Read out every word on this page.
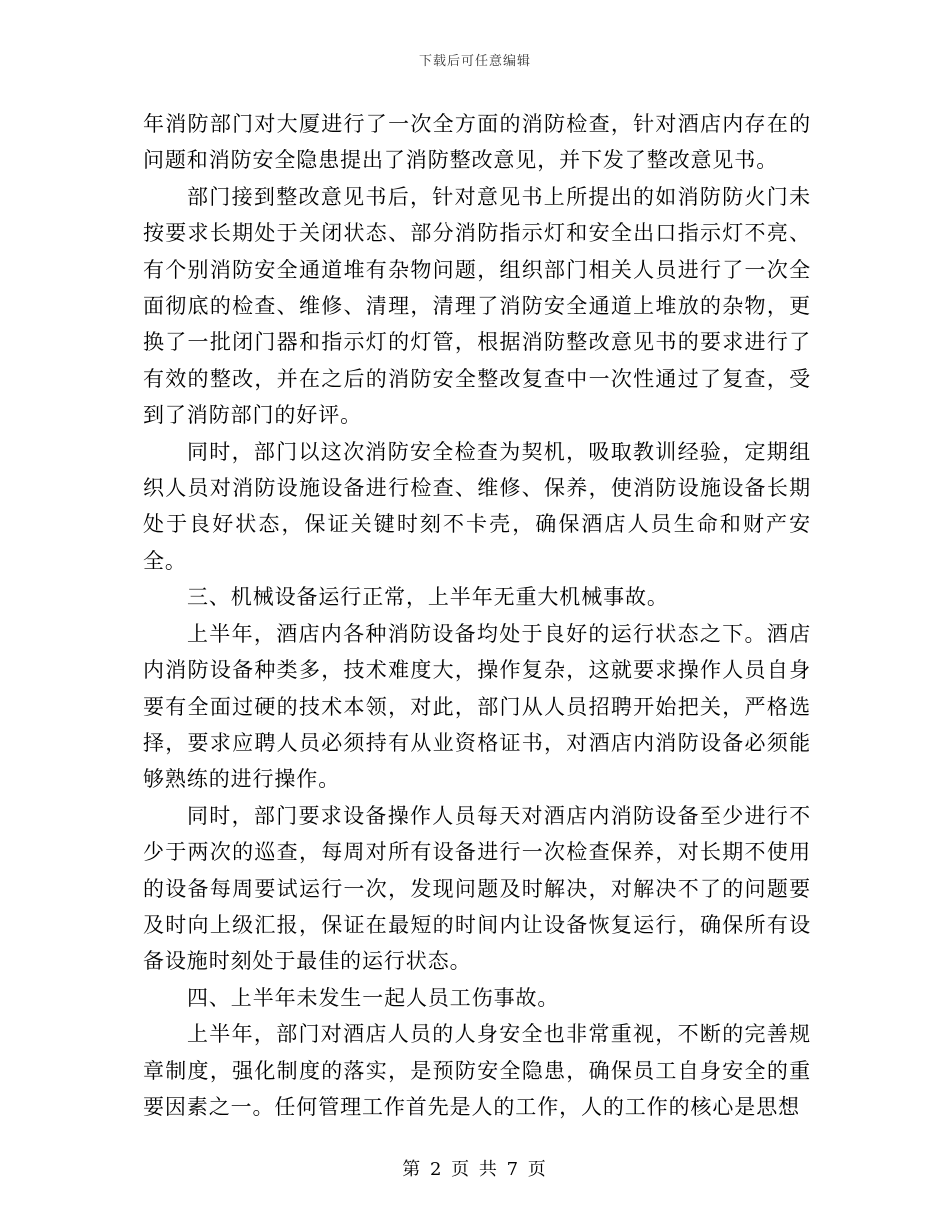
下载后可任意编辑

年消防部门对大厦进行了一次全方面的消防检查，针对酒店内存在的问题和消防安全隐患提出了消防整改意见，并下发了整改意见书。

部门接到整改意见书后，针对意见书上所提出的如消防防火门未按要求长期处于关闭状态、部分消防指示灯和安全出口指示灯不亮、有个别消防安全通道堆有杂物问题，组织部门相关人员进行了一次全面彻底的检查、维修、清理，清理了消防安全通道上堆放的杂物，更换了一批闭门器和指示灯的灯管，根据消防整改意见书的要求进行了有效的整改，并在之后的消防安全整改复查中一次性通过了复查，受到了消防部门的好评。

同时，部门以这次消防安全检查为契机，吸取教训经验，定期组织人员对消防设施设备进行检查、维修、保养，使消防设施设备长期处于良好状态，保证关键时刻不卡壳，确保酒店人员生命和财产安全。

三、机械设备运行正常，上半年无重大机械事故。

上半年，酒店内各种消防设备均处于良好的运行状态之下。酒店内消防设备种类多，技术难度大，操作复杂，这就要求操作人员自身要有全面过硬的技术本领，对此，部门从人员招聘开始把关，严格选择，要求应聘人员必须持有从业资格证书，对酒店内消防设备必须能够熟练的进行操作。

同时，部门要求设备操作人员每天对酒店内消防设备至少进行不少于两次的巡查，每周对所有设备进行一次检查保养，对长期不使用的设备每周要试运行一次，发现问题及时解决，对解决不了的问题要及时向上级汇报，保证在最短的时间内让设备恢复运行，确保所有设备设施时刻处于最佳的运行状态。

四、上半年未发生一起人员工伤事故。

上半年，部门对酒店人员的人身安全也非常重视，不断的完善规章制度，强化制度的落实，是预防安全隐患，确保员工自身安全的重要因素之一。任何管理工作首先是人的工作，人的工作的核心是思想

第 2 页 共 7 页
